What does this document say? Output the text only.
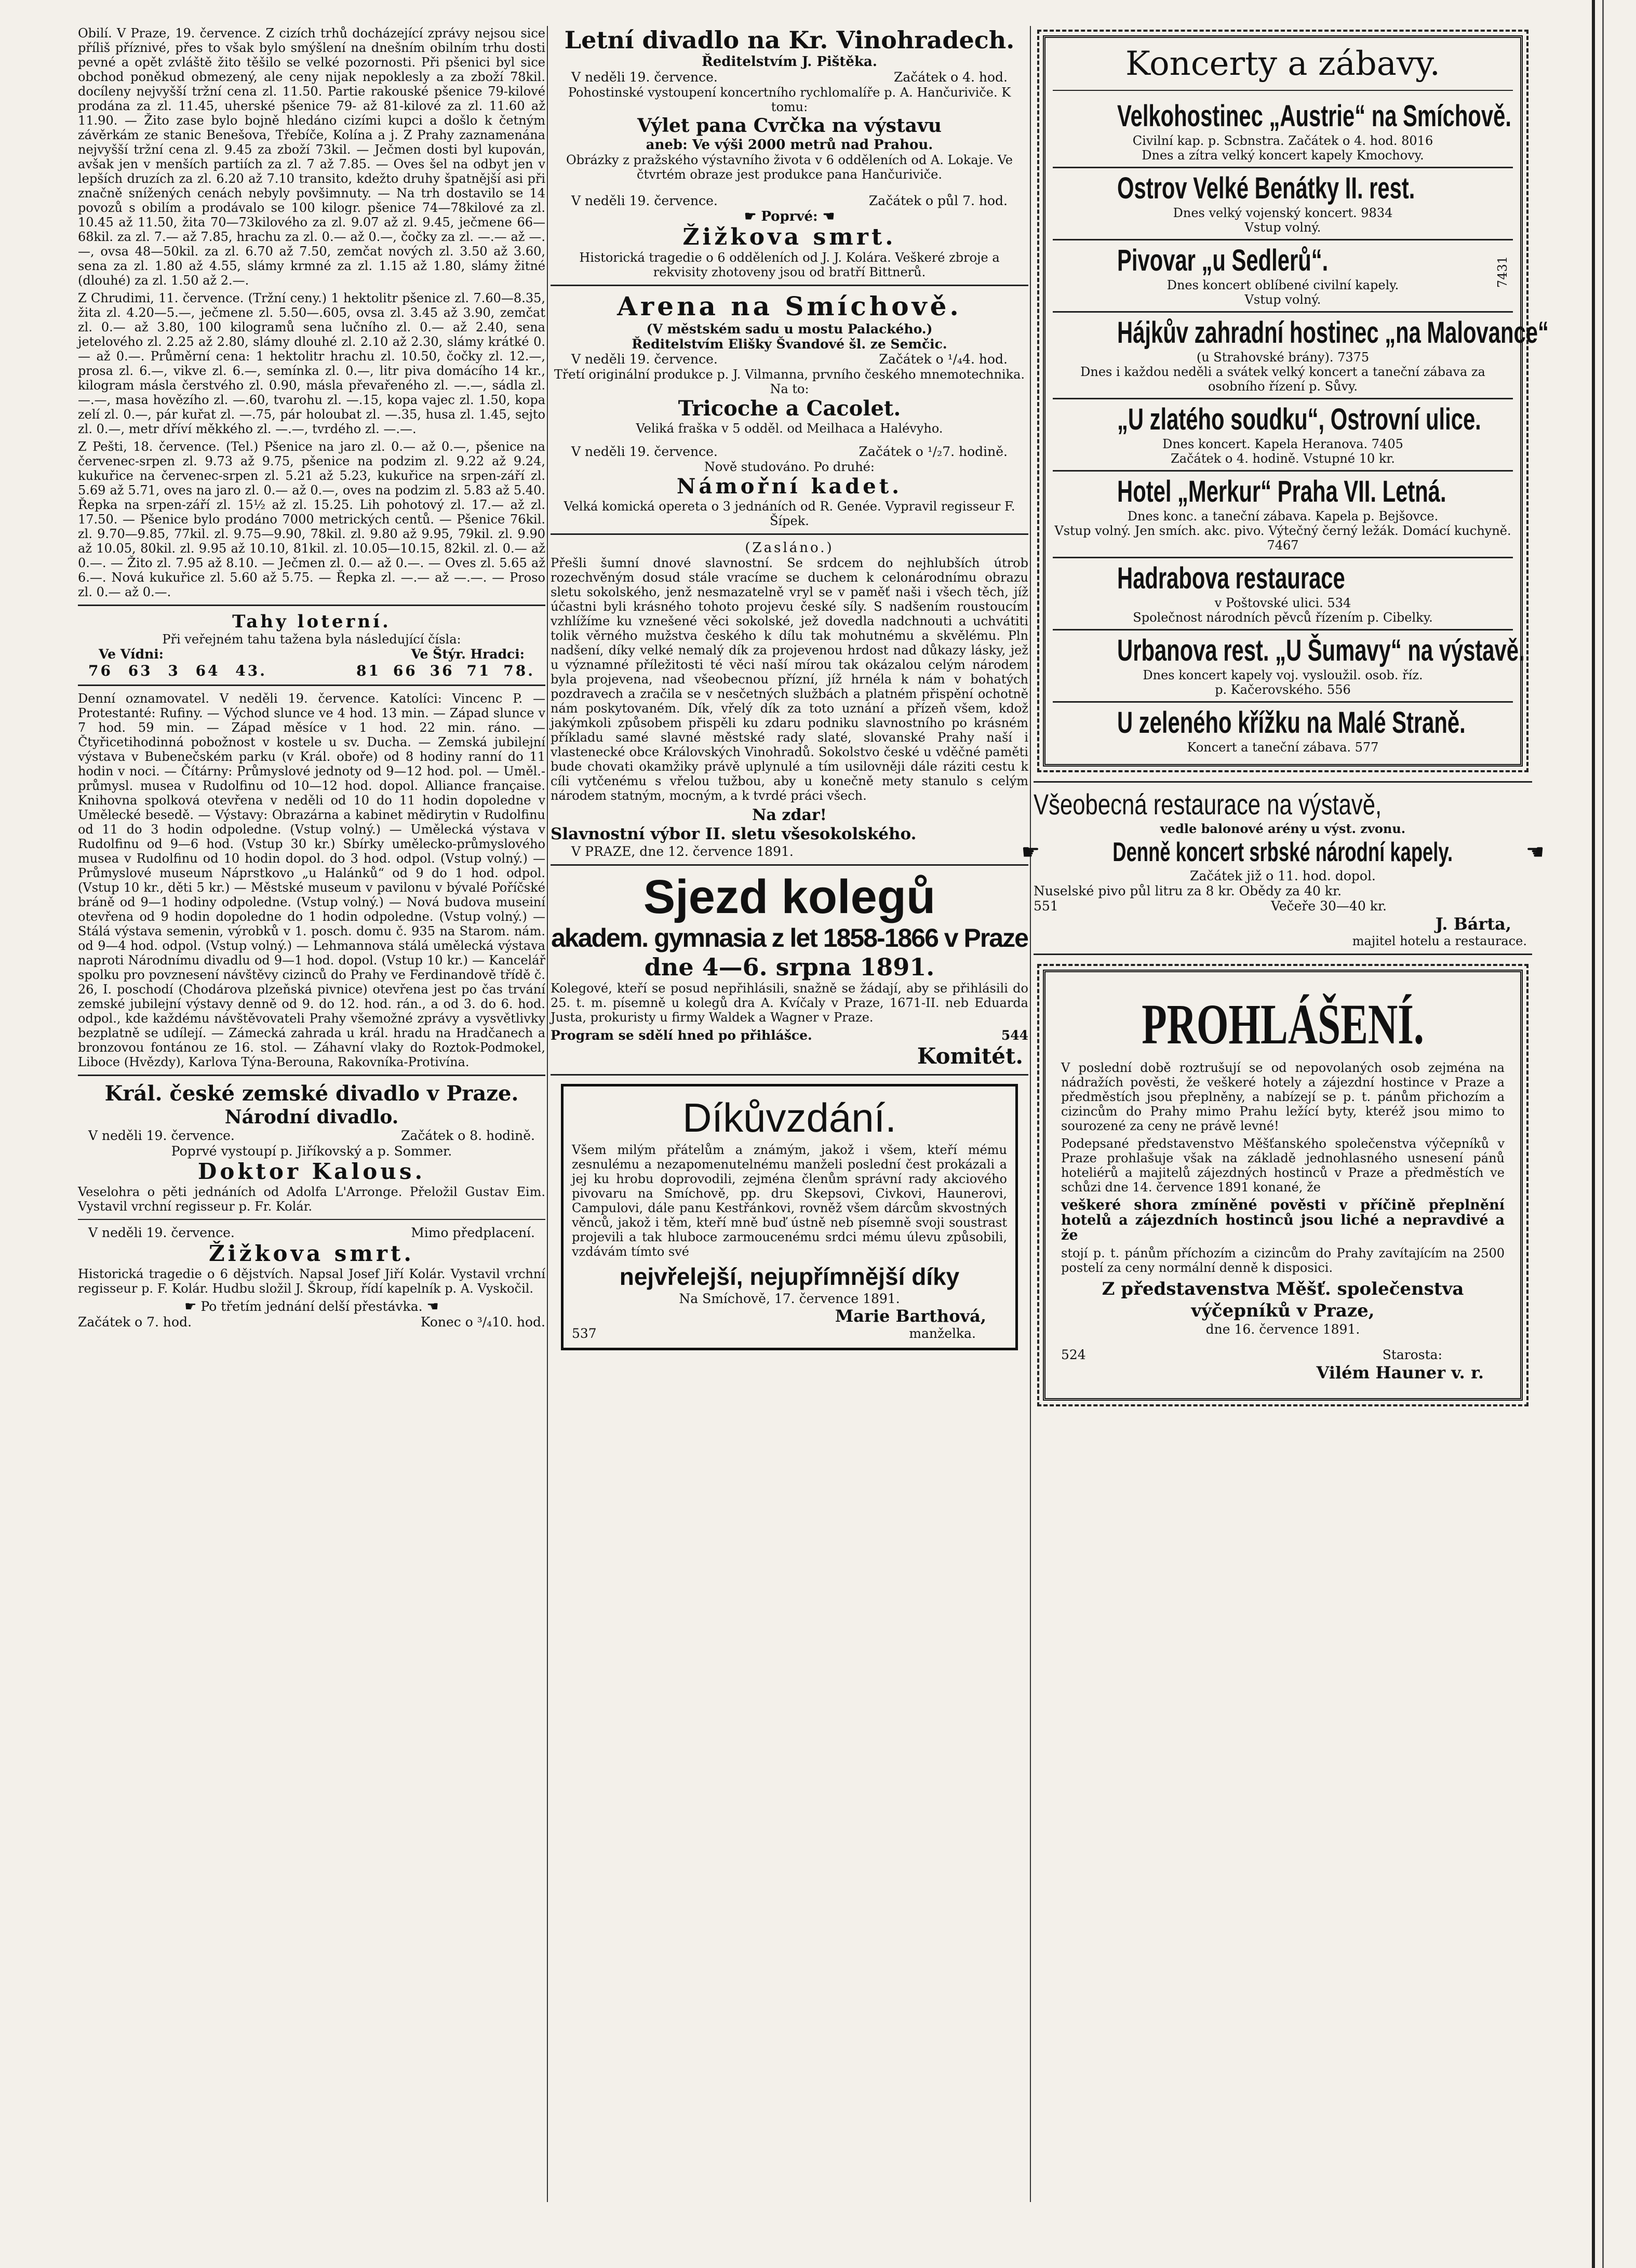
Obilí. V Praze, 19. července. Z cizích trhů docházející zprávy nejsou sice příliš příznivé, přes to však bylo smýšlení na dnešním obilním trhu dosti pevné a opět zvláště žito těšilo se velké pozornosti. Při pšenici byl sice obchod poněkud obmezený, ale ceny nijak nepoklesly a za zboží 78kil. docíleny nejvyšší tržní cena zl. 11.50. Partie rakouské pšenice 79-kilové prodána za zl. 11.45, uherské pšenice 79- až 81-kilové za zl. 11.60 až 11.90. — Žito zase bylo bojně hledáno cizími kupci a došlo k četným závěrkám ze stanic Benešova, Třebíče, Kolína a j. Z Prahy zaznamenána nejvyšší tržní cena zl. 9.45 za zboží 73kil. — Ječmen dosti byl kupován, avšak jen v menších partiích za zl. 7 až 7.85. — Oves šel na odbyt jen v lepších druzích za zl. 6.20 až 7.10 transito, kdežto druhy špatnější asi při značně snížených cenách nebyly povšimnuty. — Na trh dostavilo se 14 povozů s obilím a prodávalo se 100 kilogr. pšenice 74—78kilové za zl. 10.45 až 11.50, žita 70—73kilového za zl. 9.07 až zl. 9.45, ječmene 66—68kil. za zl. 7.— až 7.85, hrachu za zl. 0.— až 0.—, čočky za zl. —.— až —.—, ovsa 48—50kil. za zl. 6.70 až 7.50, zemčat nových zl. 3.50 až 3.60, sena za zl. 1.80 až 4.55, slámy krmné za zl. 1.15 až 1.80, slámy žitné (dlouhé) za zl. 1.50 až 2.—.

Z Chrudimi, 11. července. (Tržní ceny.) 1 hektolitr pšenice zl. 7.60—8.35, žita zl. 4.20—5.—, ječmene zl. 5.50—.605, ovsa zl. 3.45 až 3.90, zemčat zl. 0.— až 3.80, 100 kilogramů sena lučního zl. 0.— až 2.40, sena jetelového zl. 2.25 až 2.80, slámy dlouhé zl. 2.10 až 2.30, slámy krátké 0.— až 0.—. Průměrní cena: 1 hektolitr hrachu zl. 10.50, čočky zl. 12.—, prosa zl. 6.—, vikve zl. 6.—, semínka zl. 0.—, litr piva domácího 14 kr., kilogram másla čerstvého zl. 0.90, másla převařeného zl. —.—, sádla zl. —.—, masa hovězího zl. —.60, tvarohu zl. —.15, kopa vajec zl. 1.50, kopa zelí zl. 0.—, pár kuřat zl. —.75, pár holoubat zl. —.35, husa zl. 1.45, sejto zl. 0.—, metr dříví měkkého zl. —.—, tvrdého zl. —.—.

Z Pešti, 18. července. (Tel.) Pšenice na jaro zl. 0.— až 0.—, pšenice na červenec-srpen zl. 9.73 až 9.75, pšenice na podzim zl. 9.22 až 9.24, kukuřice na červenec-srpen zl. 5.21 až 5.23, kukuřice na srpen-září zl. 5.69 až 5.71, oves na jaro zl. 0.— až 0.—, oves na podzim zl. 5.83 až 5.40. Řepka na srpen-září zl. 15½ až zl. 15.25. Lih pohotový zl. 17.— až zl. 17.50. — Pšenice bylo prodáno 7000 metrických centů. — Pšenice 76kil. zl. 9.70—9.85, 77kil. zl. 9.75—9.90, 78kil. zl. 9.80 až 9.95, 79kil. zl. 9.90 až 10.05, 80kil. zl. 9.95 až 10.10, 81kil. zl. 10.05—10.15, 82kil. zl. 0.— až 0.—. — Žito zl. 7.95 až 8.10. — Ječmen zl. 0.— až 0.—. — Oves zl. 5.65 až 6.—. Nová kukuřice zl. 5.60 až 5.75. — Řepka zl. —.— až —.—. — Proso zl. 0.— až 0.—.

Tahy loterní.
Při veřejném tahu tažena byla následující čísla:
Ve Vídni:	Ve Štýr. Hradci:
76 63 3 64 43.	81 66 36 71 78.

Denní oznamovatel. V neděli 19. července. Katolíci: Vincenc P. — Protestanté: Rufiny. — Východ slunce ve 4 hod. 13 min. — Západ slunce v 7 hod. 59 min. — Západ měsíce v 1 hod. 22 min. ráno. — Čtyřicetihodinná pobožnost v kostele u sv. Ducha. — Zemská jubilejní výstava v Bubenečském parku (v Král. oboře) od 8 hodiny ranní do 11 hodin v noci. — Čítárny: Průmyslové jednoty od 9—12 hod. pol. — Uměl.-průmysl. musea v Rudolfinu od 10—12 hod. dopol. Alliance française. Knihovna spolková otevřena v neděli od 10 do 11 hodin dopoledne v Umělecké besedě. — Výstavy: Obrazárna a kabinet mědirytin v Rudolfinu od 11 do 3 hodin odpoledne. (Vstup volný.) — Umělecká výstava v Rudolfinu od 9—6 hod. (Vstup 30 kr.) Sbírky umělecko-průmyslového musea v Rudolfinu od 10 hodin dopol. do 3 hod. odpol. (Vstup volný.) — Průmyslové museum Náprstkovo „u Halánků“ od 9 do 1 hod. odpol. (Vstup 10 kr., děti 5 kr.) — Městské museum v pavilonu v bývalé Poříčské bráně od 9—1 hodiny odpoledne. (Vstup volný.) — Nová budova museiní otevřena od 9 hodin dopoledne do 1 hodin odpoledne. (Vstup volný.) — Stálá výstava semenin, výrobků v 1. posch. domu č. 935 na Starom. nám. od 9—4 hod. odpol. (Vstup volný.) — Lehmannova stálá umělecká výstava naproti Národnímu divadlu od 9—1 hod. dopol. (Vstup 10 kr.) — Kancelář spolku pro povznesení návštěvy cizinců do Prahy ve Ferdinandově třídě č. 26, I. poschodí (Chodárova plzeňská pivnice) otevřena jest po čas trvání zemské jubilejní výstavy denně od 9. do 12. hod. rán., a od 3. do 6. hod. odpol., kde každému návštěvovateli Prahy všemožné zprávy a vysvětlivky bezplatně se udílejí. — Zámecká zahrada u král. hradu na Hradčanech a bronzovou fontánou ze 16. stol. — Záhavní vlaky do Roztok-Podmokel, Liboce (Hvězdy), Karlova Týna-Berouna, Rakovníka-Protivína.

Král. české zemské divadlo v Praze.
Národní divadlo.
V neděli 19. července.	Začátek o 8. hodině.
Poprvé vystoupí p. Jiříkovský a p. Sommer.
Doktor Kalous.

Veselohra o pěti jednáních od Adolfa L'Arronge. Přeložil Gustav Eim. Vystavil vrchní regisseur p. Fr. Kolár.

V neděli 19. července.	Mimo předplacení.
Žižkova smrt.

Historická tragedie o 6 dějstvích. Napsal Josef Jiří Kolár. Vystavil vrchní regisseur p. F. Kolár. Hudbu složil J. Škroup, řídí kapelník p. A. Vyskočil.

☛ Po třetím jednání delší přestávka. ☚
Začátek o 7. hod.	Konec o ³/₄10. hod.
Letní divadlo na Kr. Vinohradech.
Ředitelstvím J. Pištěka.
V neděli 19. července.	Začátek o 4. hod.
Pohostinské vystoupení koncertního rychlomalíře p. A. Hančuriviče. K tomu:
Výlet pana Cvrčka na výstavu
aneb: Ve výši 2000 metrů nad Prahou.

Obrázky z pražského výstavního života v 6 odděleních od A. Lokaje. Ve čtvrtém obraze jest produkce pana Hančuriviče.

V neděli 19. července.	Začátek o půl 7. hod.
☛ Poprvé: ☚
Žižkova smrt.

Historická tragedie o 6 odděleních od J. J. Kolára. Veškeré zbroje a rekvisity zhotoveny jsou od bratří Bittnerů.

Arena na Smíchově.
(V městském sadu u mostu Palackého.)
Ředitelstvím Elišky Švandové šl. ze Semčic.
V neděli 19. července.	Začátek o ¹/₄4. hod.
Třetí originální produkce p. J. Vilmanna, prvního českého mnemotechnika.
Na to:
Tricoche a Cacolet.
Veliká fraška v 5 odděl. od Meilhaca a Halévyho.
V neděli 19. července.	Začátek o ¹/₂7. hodině.
Nově studováno. Po druhé:
Námořní kadet.
Velká komická opereta o 3 jednáních od R. Genée. Vypravil regisseur F. Šípek.
(Zasláno.)

Přešli šumní dnové slavnostní. Se srdcem do nejhlubších útrob rozechvěným dosud stále vracíme se duchem k celonárodnímu obrazu sletu sokolského, jenž nesmazatelně vryl se v paměť naši i všech těch, jíž účastni byli krásného tohoto projevu české síly. S nadšením roustoucím vzhlížíme ku vznešené věci sokolské, jež dovedla nadchnouti a uchvátiti tolik věrného mužstva českého k dílu tak mohutnému a skvělému. Pln nadšení, díky velké nemalý dík za projevenou hrdost nad důkazy lásky, jež u významné příležitosti té věci naší mírou tak okázalou celým národem byla projevena, nad všeobecnou přízní, jíž hrnéla k nám v bohatých pozdravech a zračila se v nesčetných službách a platném přispění ochotně nám poskytovaném. Dík, vřelý dík za toto uznání a přízeň všem, kdož jakýmkoli způsobem přispěli ku zdaru podniku slavnostního po krásném příkladu samé slavné městské rady slaté, slovanské Prahy naší i vlastenecké obce Královských Vinohradů. Sokolstvo české u vděčné paměti bude chovati okamžiky právě uplynulé a tím usilovněji dále ráziti cestu k cíli vytčenému s vřelou tužbou, aby u konečně mety stanulo s celým národem statným, mocným, a k tvrdé práci všech.

Na zdar!
Slavnostní výbor II. sletu všesokolského.
V PRAZE, dne 12. července 1891.
Sjezd kolegů
akadem. gymnasia z let 1858-1866 v Praze
dne 4—6. srpna 1891.

Kolegové, kteří se posud nepřihlásili, snažně se žádají, aby se přihlásili do 25. t. m. písemně u kolegů dra A. Kvíčaly v Praze, 1671-II. neb Eduarda Justa, prokuristy u firmy Waldek a Wagner v Praze.

Program se sdělí hned po přihlášce.	544
Komitét.
Díkůvzdání.

Všem milým přátelům a známým, jakož i všem, kteří mému zesnulému a nezapomenutelnému manželi poslední čest prokázali a jej ku hrobu doprovodili, zejména členům správní rady akciového pivovaru na Smíchově, pp. dru Skepsovi, Civkovi, Haunerovi, Campulovi, dále panu Kestřánkovi, rovněž všem dárcům skvostných věnců, jakož i těm, kteří mně buď ústně neb písemně svoji soustrast projevili a tak hluboce zarmoucenému srdci mému úlevu způsobili, vzdávám tímto své

nejvřelejší, nejupřímnější díky
Na Smíchově, 17. července 1891.
Marie Barthová,
537	manželka.
Koncerty a zábavy.
Velkohostinec „Austrie“ na Smíchově.
Civilní kap. p. Scbnstra. Začátek o 4. hod. 8016
Dnes a zítra velký koncert kapely Kmochovy.
Ostrov Velké Benátky II. rest.
Dnes velký vojenský koncert. 9834
Vstup volný.
Pivovar „u Sedlerů“.
Dnes koncert oblíbené civilní kapely.
Vstup volný.
7431
Hájkův zahradní hostinec „na Malovance“
(u Strahovské brány). 7375
Dnes i každou neděli a svátek velký koncert a taneční zábava za osobního řízení p. Sůvy.
„U zlatého soudku“, Ostrovní ulice.
Dnes koncert. Kapela Heranova. 7405
Začátek o 4. hodině. Vstupné 10 kr.
Hotel „Merkur“ Praha VII. Letná.
Dnes konc. a taneční zábava. Kapela p. Bejšovce.
Vstup volný. Jen smích. akc. pivo. Výtečný černý ležák. Domácí kuchyně. 7467
Hadrabova restaurace
v Poštovské ulici. 534
Společnost národních pěvců řízením p. Cibelky.
Urbanova rest. „U Šumavy“ na výstavě.
Dnes koncert kapely voj. vysloužil. osob. říz.
p. Kačerovského. 556
U zeleného křížku na Malé Straně.
Koncert a taneční zábava. 577
Všeobecná restaurace na výstavě,
vedle balonové arény u výst. zvonu.
☛	Denně koncert srbské národní kapely.	☚
Začátek již o 11. hod. dopol.
Nuselské pivo půl litru za 8 kr. Obědy za 40 kr.
551	Večeře 30—40 kr.
J. Bárta,
majitel hotelu a restaurace.
PROHLÁŠENÍ.

V poslední době roztrušují se od nepovolaných osob zejména na nádražích pověsti, že veškeré hotely a zájezdní hostince v Praze a předměstích jsou přeplněny, a nabízejí se p. t. pánům přichozím a cizincům do Prahy mimo Prahu ležící byty, kteréž jsou mimo to sourozené za ceny ne právě levné!

Podepsané představenstvo Měšťanského společenstva výčepníků v Praze prohlašuje však na základě jednohlasného usnesení pánů hoteliérů a majitelů zájezdných hostinců v Praze a předměstích ve schůzi dne 14. července 1891 konané, že

veškeré shora zmíněné pověsti v příčině přeplnění hotelů a zájezdních hostinců jsou liché a nepravdivé a že

stojí p. t. pánům příchozím a cizincům do Prahy zavítajícím na 2500 postelí za ceny normální denně k disposici.

Z představenstva Měšť. společenstva výčepníků v Praze,
dne 16. července 1891.
524	Starosta:
Vilém Hauner v. r.
